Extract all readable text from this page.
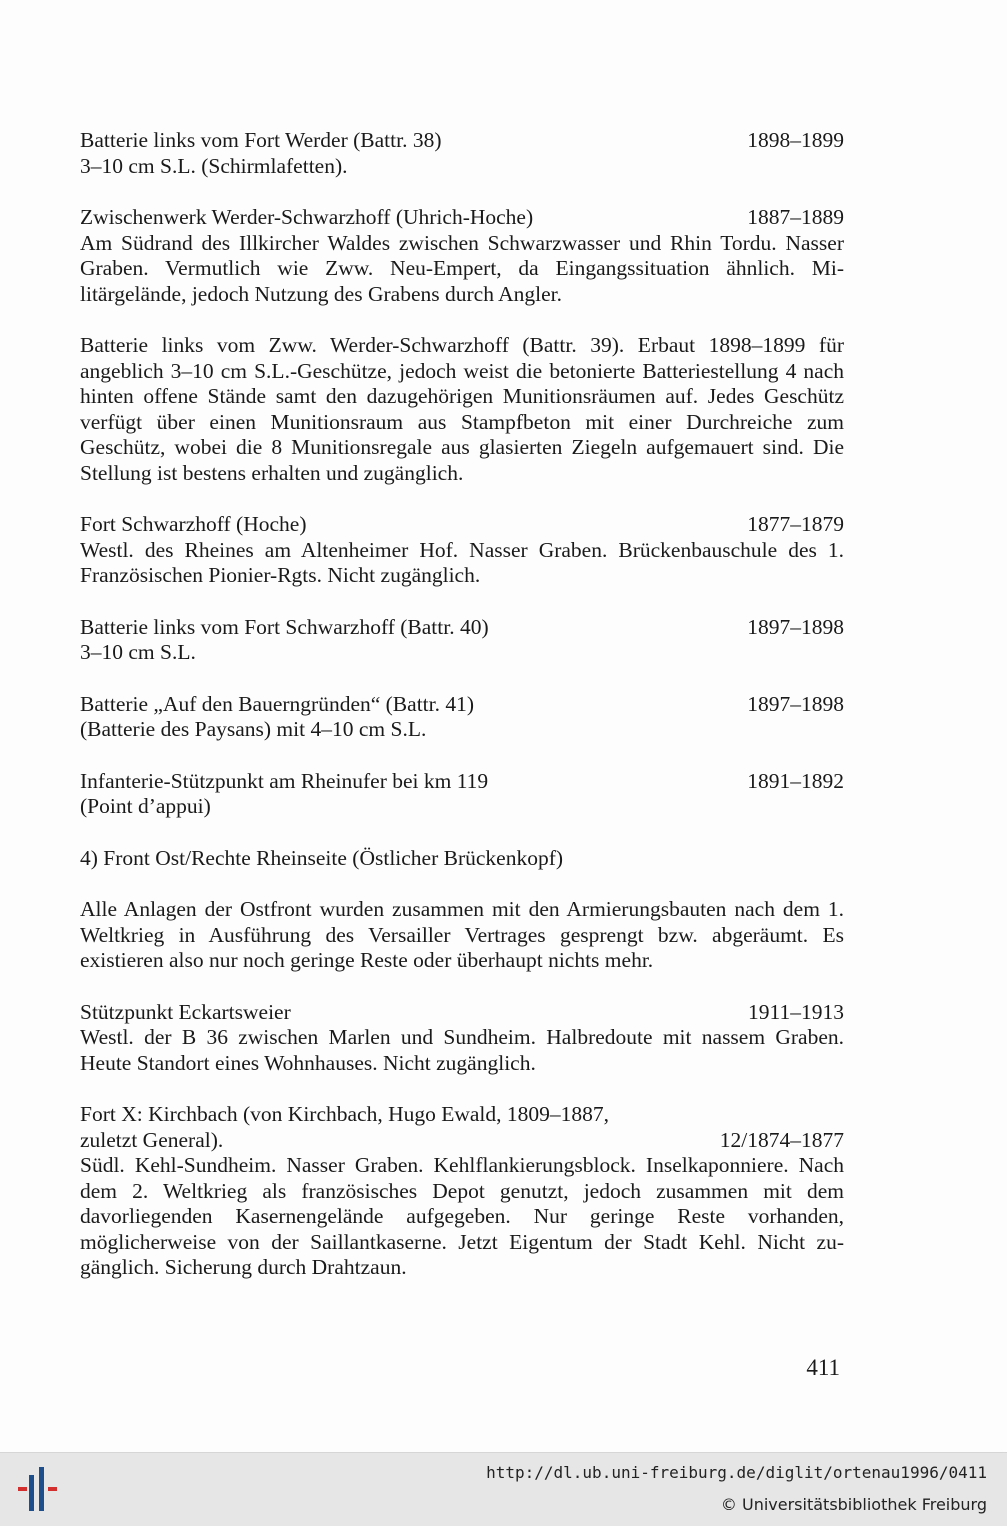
Batterie links vom Fort Werder (Battr. 38)	1898–1899
3–10 cm S.L. (Schirmlafetten).
Zwischenwerk Werder-Schwarzhoff (Uhrich-Hoche)	1887–1889
Am Südrand des Illkircher Waldes zwischen Schwarzwasser und Rhin Tordu. Nasser Graben. Vermutlich wie Zww. Neu-Empert, da Eingangssituation ähnlich. Militärgelände, jedoch Nutzung des Grabens durch Angler.
Batterie links vom Zww. Werder-Schwarzhoff (Battr. 39). Erbaut 1898–1899 für angeblich 3–10 cm S.L.-Geschütze, jedoch weist die betonierte Batteriestellung 4 nach hinten offene Stände samt den dazugehörigen Munitionsräumen auf. Jedes Geschütz verfügt über einen Munitionsraum aus Stampfbeton mit einer Durchreiche zum Geschütz, wobei die 8 Munitionsregale aus glasierten Ziegeln aufgemauert sind. Die Stellung ist bestens erhalten und zugänglich.
Fort Schwarzhoff (Hoche)	1877–1879
Westl. des Rheines am Altenheimer Hof. Nasser Graben. Brückenbauschule des 1. Französischen Pionier-Rgts. Nicht zugänglich.
Batterie links vom Fort Schwarzhoff (Battr. 40)	1897–1898
3–10 cm S.L.
Batterie „Auf den Bauerngründen“ (Battr. 41)	1897–1898
(Batterie des Paysans) mit 4–10 cm S.L.
Infanterie-Stützpunkt am Rheinufer bei km 119	1891–1892
(Point d’appui)
4) Front Ost/Rechte Rheinseite (Östlicher Brückenkopf)
Alle Anlagen der Ostfront wurden zusammen mit den Armierungsbauten nach dem 1. Weltkrieg in Ausführung des Versailler Vertrages gesprengt bzw. abgeräumt. Es existieren also nur noch geringe Reste oder überhaupt nichts mehr.
Stützpunkt Eckartsweier	1911–1913
Westl. der B 36 zwischen Marlen und Sundheim. Halbredoute mit nassem Graben. Heute Standort eines Wohnhauses. Nicht zugänglich.
Fort X: Kirchbach (von Kirchbach, Hugo Ewald, 1809–1887,
zuletzt General).	12/1874–1877
Südl. Kehl-Sundheim. Nasser Graben. Kehlflankierungsblock. Inselkaponniere. Nach dem 2. Weltkrieg als französisches Depot genutzt, jedoch zusammen mit dem davorliegenden Kasernengelände aufgegeben. Nur geringe Reste vorhanden, möglicherweise von der Saillantkaserne. Jetzt Eigentum der Stadt Kehl. Nicht zugänglich. Sicherung durch Drahtzaun.
411
http://dl.ub.uni-freiburg.de/diglit/ortenau1996/0411
© Universitätsbibliothek Freiburg
